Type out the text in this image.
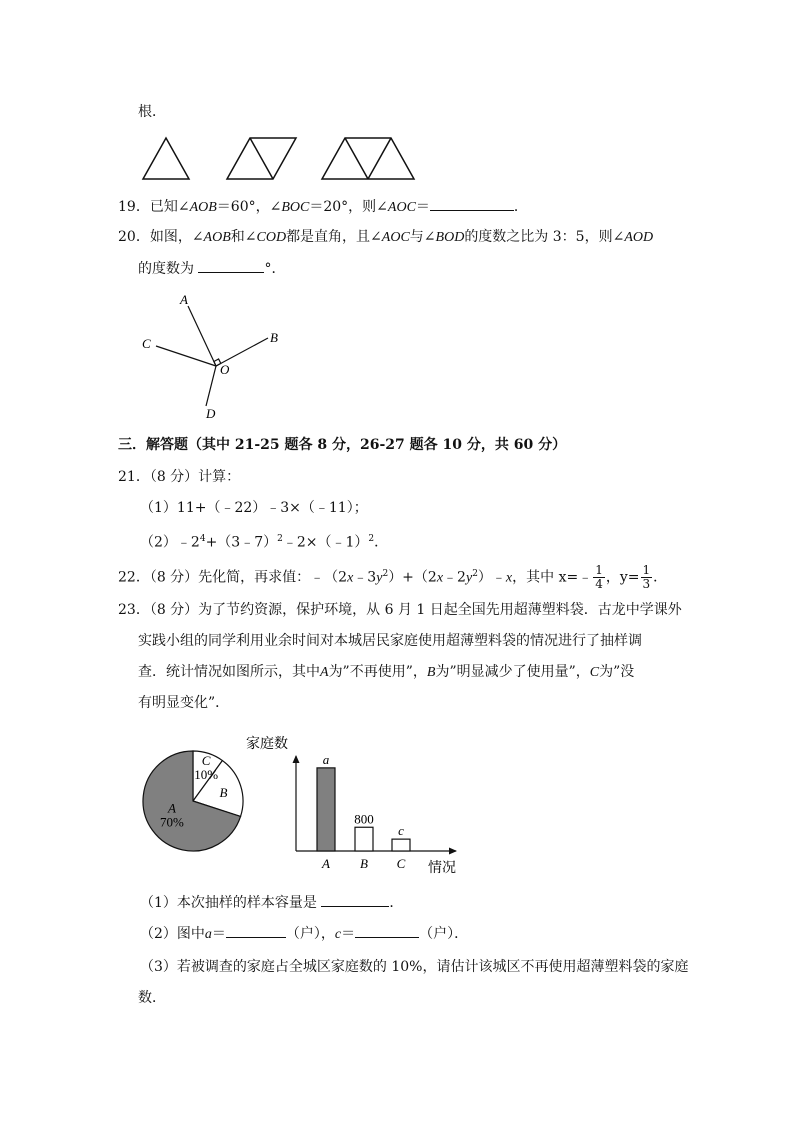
根．
19．已知∠AOB＝60°，∠BOC＝20°，则∠AOC＝	．
20．如图，∠AOB和∠COD都是直角，且∠AOC与∠BOD的度数之比为 3：5，则∠AOD
的度数为	°．
A
B
C
D
O
三．解答题（其中 21-25 题各 8 分，26-27 题各 10 分，共 60 分）
21．（8 分）计算：
（1）11+（﹣22）﹣3×（﹣11）；
$(2)﹣2^4+(3﹣7)^2﹣2\times(﹣1)^2$．
22．（8 分）先化简，再求值：$﹣(2x﹣3y^2)+(2x﹣2y^2)﹣x$，其中 x=﹣ $\frac{1}{4}$ ，$y= \frac{1}{3}$ ．
23．（8 分）为了节约资源，保护环境，从 6 月 1 日起全国先用超薄塑料袋．古龙中学课外
实践小组的同学利用业余时间对本城居民家庭使用超薄塑料袋的情况进行了抽样调
查．统计情况如图所示，其中A为”不再使用”，B为”明显减少了使用量”，C为”没
有明显变化”．
A
70%
B
C
10%
家庭数
情况
a
A
800
B
c
C
（1）本次抽样的样本容量是	．
（2）图中a＝	（户），c＝	（户）．
（3）若被调查的家庭占全城区家庭数的 10%，请估计该城区不再使用超薄塑料袋的家庭
数．
